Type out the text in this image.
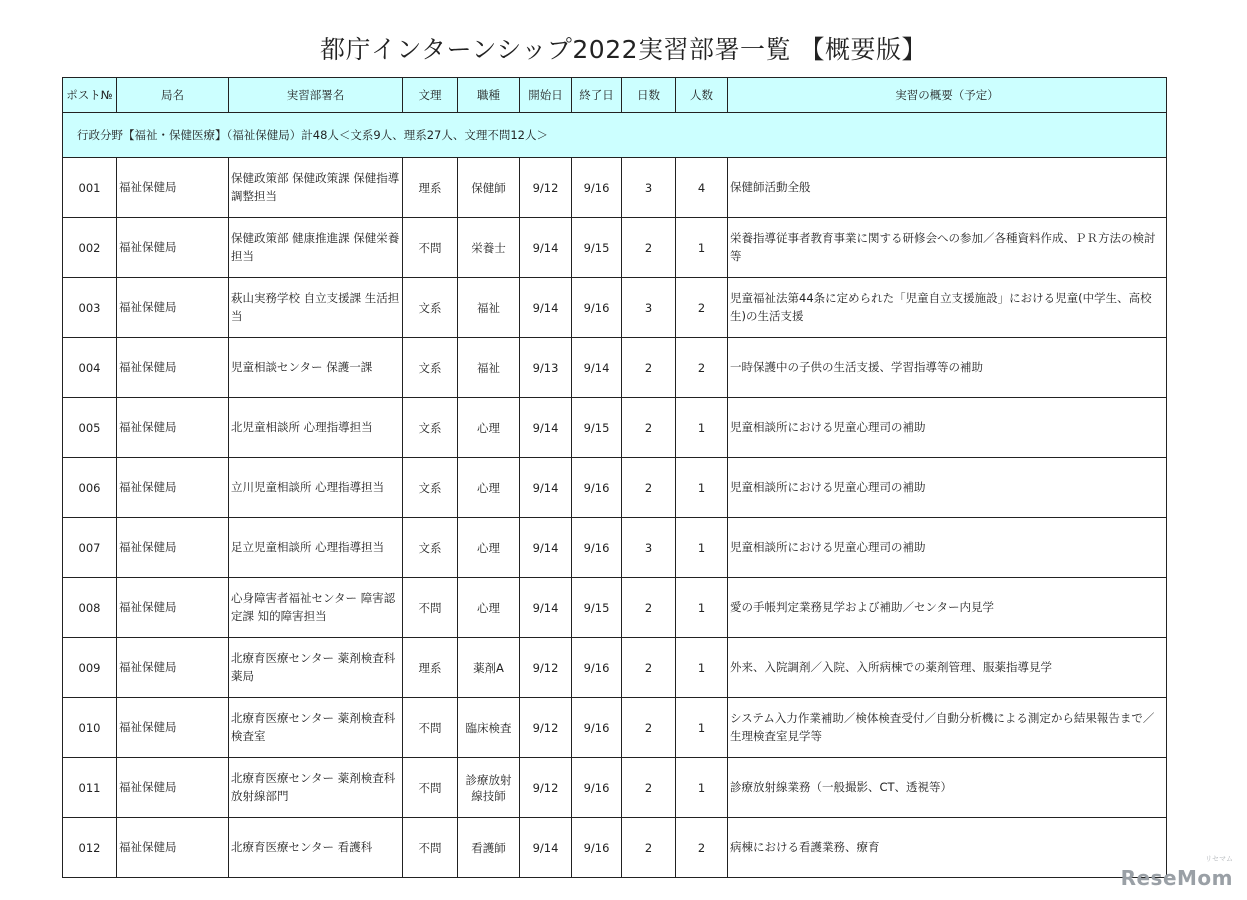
都庁インターンシップ2022実習部署一覧 【概要版】
ポスト№	局名	実習部署名	文理	職種	開始日	終了日	日数	人数	実習の概要（予定）
行政分野【福祉・保健医療】（福祉保健局）計48人＜文系9人、理系27人、文理不問12人＞									
001	福祉保健局	保健政策部 保健政策課 保健指導調整担当	理系	保健師	9/12	9/16	3	4	保健師活動全般
002	福祉保健局	保健政策部 健康推進課 保健栄養担当	不問	栄養士	9/14	9/15	2	1	栄養指導従事者教育事業に関する研修会への参加／各種資料作成、ＰＲ方法の検討等
003	福祉保健局	萩山実務学校 自立支援課 生活担当	文系	福祉	9/14	9/16	3	2	児童福祉法第44条に定められた「児童自立支援施設」における児童(中学生、高校生)の生活支援
004	福祉保健局	児童相談センター 保護一課	文系	福祉	9/13	9/14	2	2	一時保護中の子供の生活支援、学習指導等の補助
005	福祉保健局	北児童相談所 心理指導担当	文系	心理	9/14	9/15	2	1	児童相談所における児童心理司の補助
006	福祉保健局	立川児童相談所 心理指導担当	文系	心理	9/14	9/16	2	1	児童相談所における児童心理司の補助
007	福祉保健局	足立児童相談所 心理指導担当	文系	心理	9/14	9/16	3	1	児童相談所における児童心理司の補助
008	福祉保健局	心身障害者福祉センター 障害認定課 知的障害担当	不問	心理	9/14	9/15	2	1	愛の手帳判定業務見学および補助／センター内見学
009	福祉保健局	北療育医療センター 薬剤検査科 薬局	理系	薬剤A	9/12	9/16	2	1	外来、入院調剤／入院、入所病棟での薬剤管理、服薬指導見学
010	福祉保健局	北療育医療センター 薬剤検査科 検査室	不問	臨床検査	9/12	9/16	2	1	システム入力作業補助／検体検査受付／自動分析機による測定から結果報告まで／生理検査室見学等
011	福祉保健局	北療育医療センター 薬剤検査科 放射線部門	不問	診療放射線技師	9/12	9/16	2	1	診療放射線業務（一般撮影、CT、透視等）
012	福祉保健局	北療育医療センター 看護科	不問	看護師	9/14	9/16	2	2	病棟における看護業務、療育
リセマム
ReseMom
